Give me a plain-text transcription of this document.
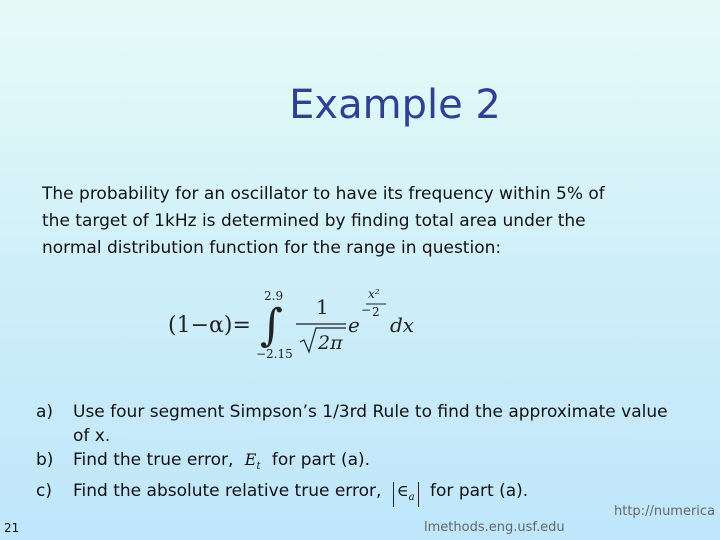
Example 2
The probability for an oscillator to have its frequency within 5% of the target of 1kHz is determined by finding total area under the normal distribution function for the range in question:
(1−α)= ∫
2.9
−2.15
1
2π
e
−
x²
2
dx
a)	Use four segment Simpson’s 1/3rd Rule to find the approximate value of x.
b)	Find the true error, $E_t$ for part (a).
c)	Find the absolute relative true error, $\in_a$ for part (a).
21	lmethods.eng.usf.edu
http://numerica
